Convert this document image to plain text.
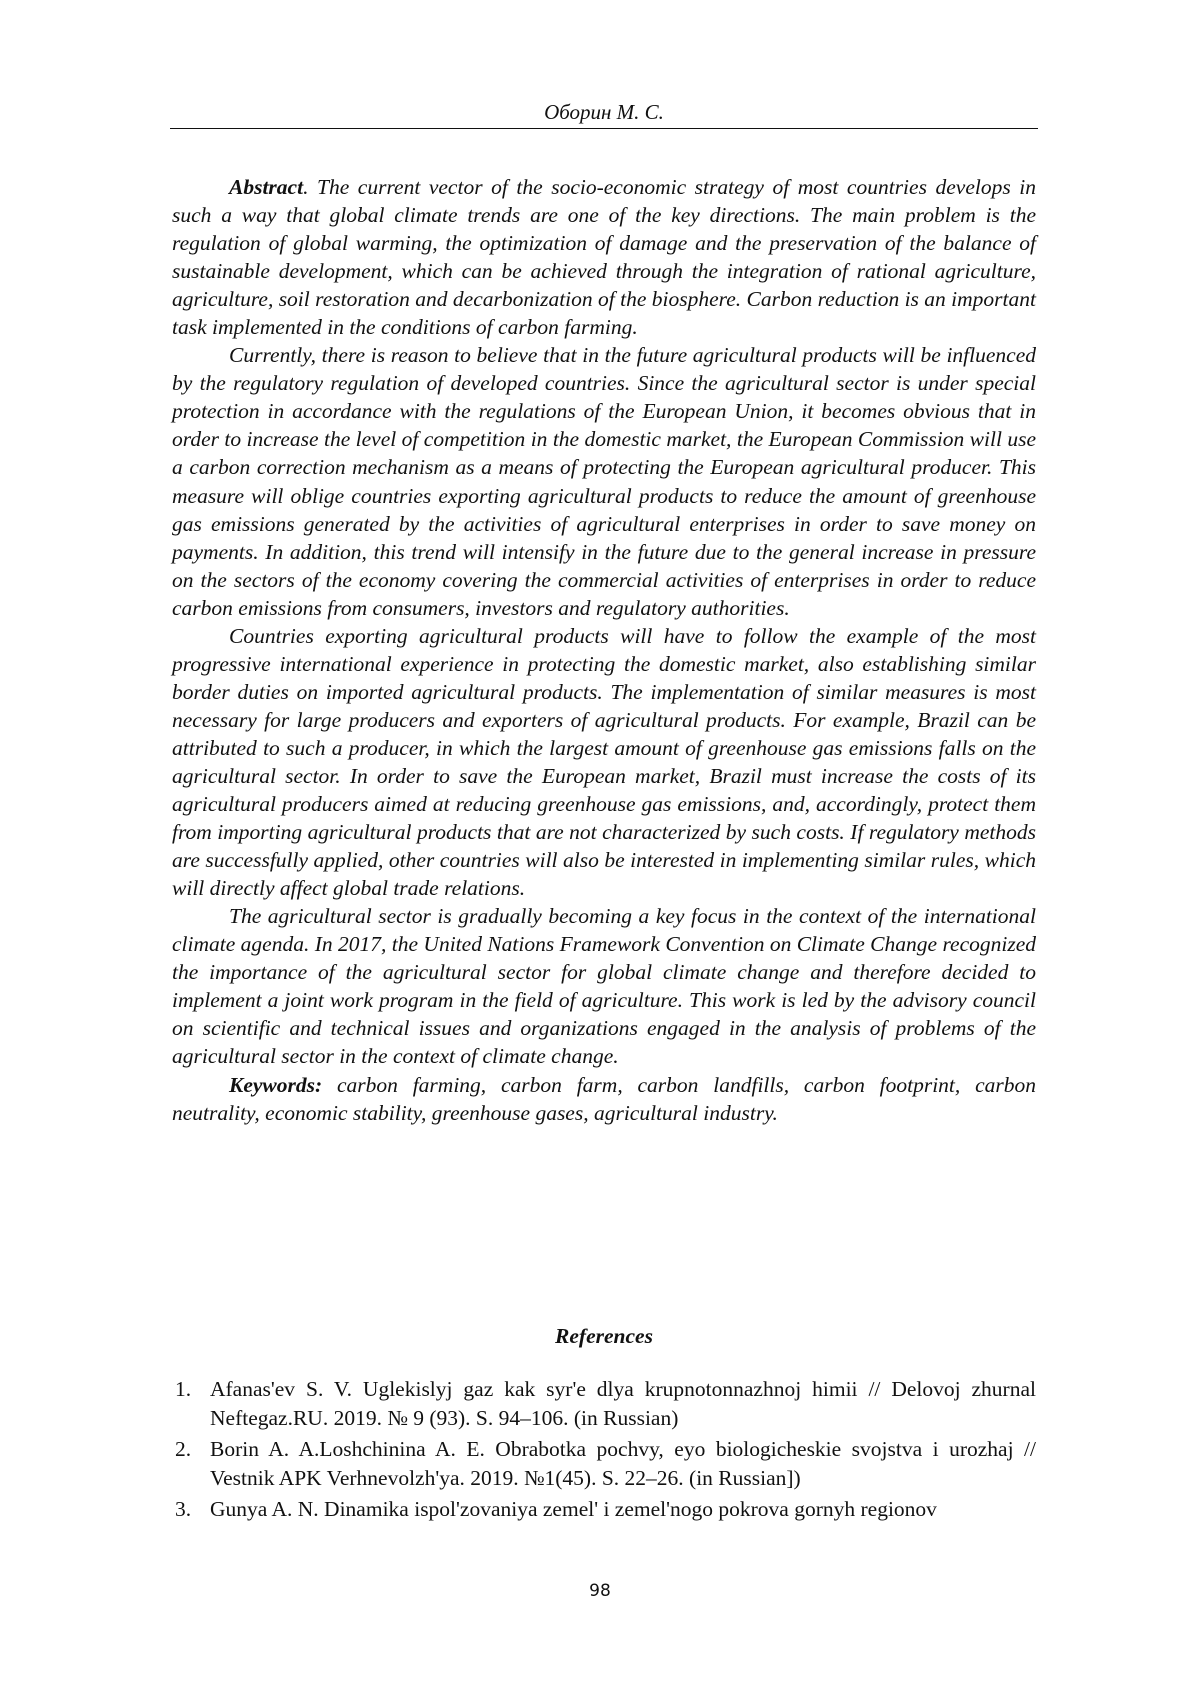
Оборин М. С.

Abstract. The current vector of the socio-economic strategy of most countries develops in such a way that global climate trends are one of the key directions. The main problem is the regulation of global warming, the optimization of damage and the preservation of the balance of sustainable development, which can be achieved through the integration of rational agriculture, agriculture, soil restoration and decarbonization of the biosphere. Carbon reduction is an important task implemented in the conditions of carbon farming.

Currently, there is reason to believe that in the future agricultural products will be influenced by the regulatory regulation of developed countries. Since the agricultural sector is under special protection in accordance with the regulations of the European Union, it becomes obvious that in order to increase the level of competition in the domestic market, the European Commission will use a carbon correction mechanism as a means of protecting the European agricultural producer. This measure will oblige countries exporting agricultural products to reduce the amount of greenhouse gas emissions generated by the activities of agricultural enterprises in order to save money on payments. In addition, this trend will intensify in the future due to the general increase in pressure on the sectors of the economy covering the commercial activities of enterprises in order to reduce carbon emissions from consumers, investors and regulatory authorities.

Countries exporting agricultural products will have to follow the example of the most progressive international experience in protecting the domestic market, also establishing similar border duties on imported agricultural products. The implementation of similar measures is most necessary for large producers and exporters of agricultural products. For example, Brazil can be attributed to such a producer, in which the largest amount of greenhouse gas emissions falls on the agricultural sector. In order to save the European market, Brazil must increase the costs of its agricultural producers aimed at reducing greenhouse gas emissions, and, accordingly, protect them from importing agricultural products that are not characterized by such costs. If regulatory methods are successfully applied, other countries will also be interested in implementing similar rules, which will directly affect global trade relations.

The agricultural sector is gradually becoming a key focus in the context of the international climate agenda. In 2017, the United Nations Framework Convention on Climate Change recognized the importance of the agricultural sector for global climate change and therefore decided to implement a joint work program in the field of agriculture. This work is led by the advisory council on scientific and technical issues and organizations engaged in the analysis of problems of the agricultural sector in the context of climate change.

Keywords: carbon farming, carbon farm, carbon landfills, carbon footprint, carbon neutrality, economic stability, greenhouse gases, agricultural industry.

References
1. Afanas'ev S. V. Uglekislyj gaz kak syr'e dlya krupnotonnazhnoj himii // Delovoj zhurnal Neftegaz.RU. 2019. № 9 (93). S. 94–106. (in Russian)
2. Borin A. A.Loshchinina A. E. Obrabotka pochvy, eyo biologicheskie svojstva i urozhaj // Vestnik APK Verhnevolzh'ya. 2019. №1(45). S. 22–26. (in Russian])
3. Gunya A. N. Dinamika ispol'zovaniya zemel' i zemel'nogo pokrova gornyh regionov
98
